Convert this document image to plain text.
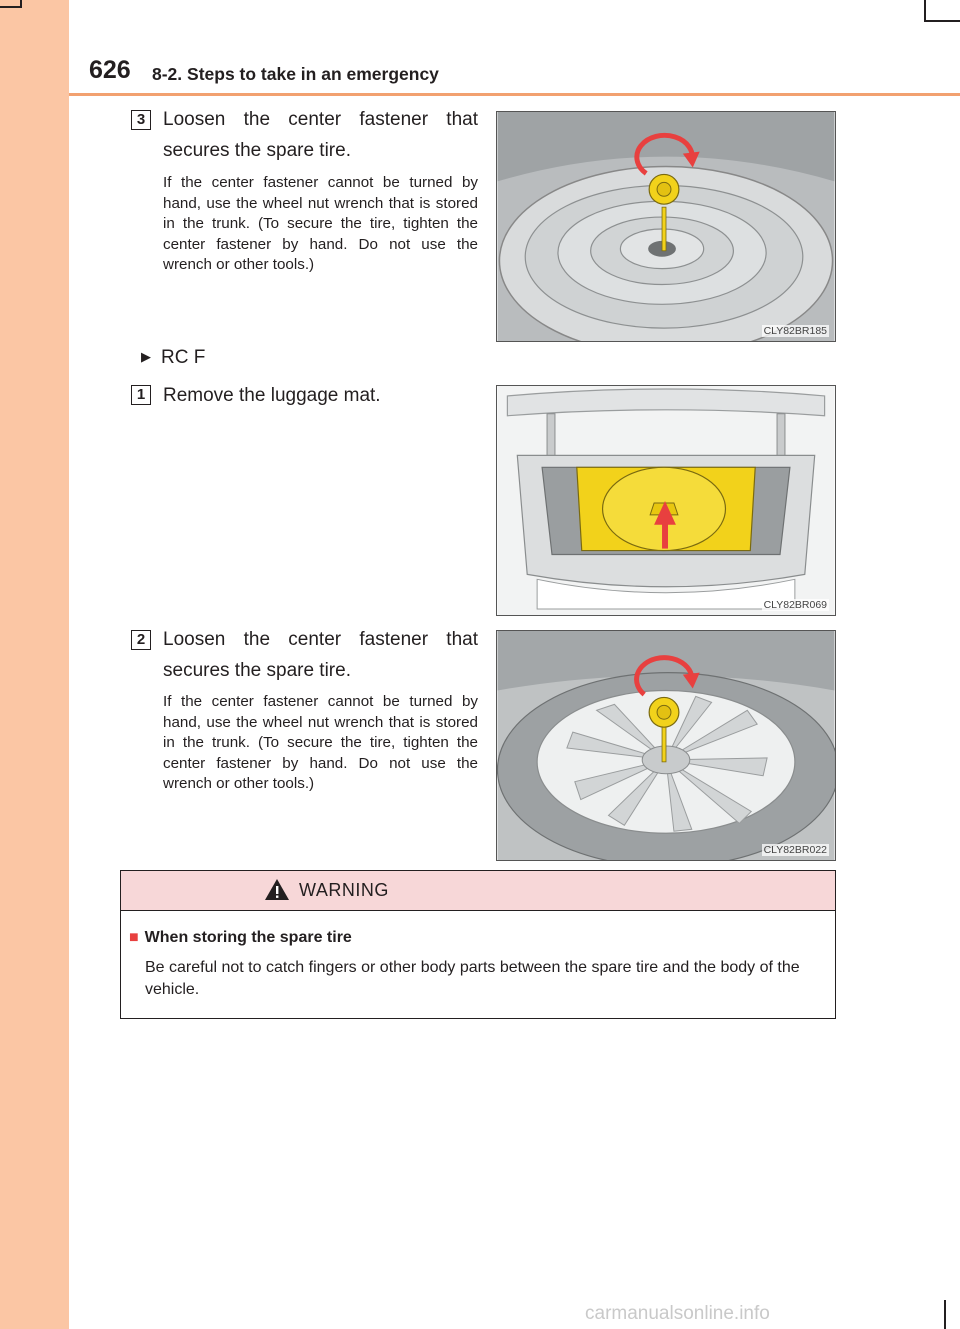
626 8-2. Steps to take in an emergency
3 Loosen the center fastener that secures the spare tire.
If the center fastener cannot be turned by hand, use the wheel nut wrench that is stored in the trunk. (To secure the tire, tighten the center fastener by hand. Do not use the wrench or other tools.)
CLY82BR185
▶ RC F
1 Remove the luggage mat.
CLY82BR069
2 Loosen the center fastener that secures the spare tire.
If the center fastener cannot be turned by hand, use the wheel nut wrench that is stored in the trunk. (To secure the tire, tighten the center fastener by hand. Do not use the wrench or other tools.)
CLY82BR022
WARNING
■ When storing the spare tire
Be careful not to catch fingers or other body parts between the spare tire and the body of the vehicle.
carmanualsonline.info
